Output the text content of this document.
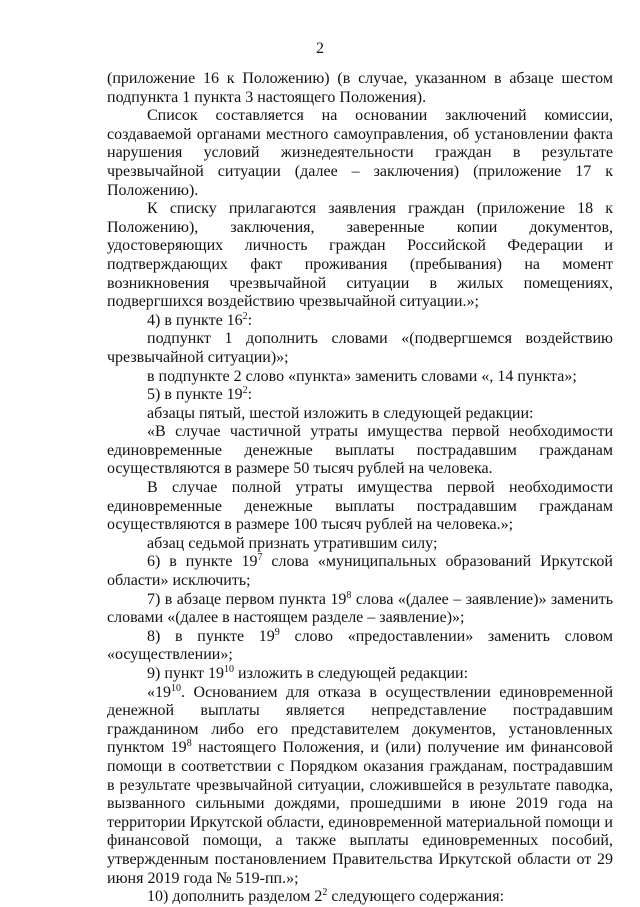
2

(приложение 16 к Положению) (в случае, указанном в абзаце шестом подпункта 1 пункта 3 настоящего Положения).

Список составляется на основании заключений комиссии, создаваемой органами местного самоуправления, об установлении факта нарушения условий жизнедеятельности граждан в результате чрезвычайной ситуации (далее – заключения) (приложение 17 к Положению).

К списку прилагаются заявления граждан (приложение 18 к Положению), заключения, заверенные копии документов, удостоверяющих личность граждан Российской Федерации и подтверждающих факт проживания (пребывания) на момент возникновения чрезвычайной ситуации в жилых помещениях, подвергшихся воздействию чрезвычайной ситуации.»;

4) в пункте $16^2$:

подпункт 1 дополнить словами «(подвергшемся воздействию чрезвычайной ситуации)»;

в подпункте 2 слово «пункта» заменить словами «, 14 пункта»;

5) в пункте $19^2$:

абзацы пятый, шестой изложить в следующей редакции:

«В случае частичной утраты имущества первой необходимости единовременные денежные выплаты пострадавшим гражданам осуществляются в размере 50 тысяч рублей на человека.

В случае полной утраты имущества первой необходимости единовременные денежные выплаты пострадавшим гражданам осуществляются в размере 100 тысяч рублей на человека.»;

абзац седьмой признать утратившим силу;

6) в пункте $19^7$ слова «муниципальных образований Иркутской области» исключить;

7) в абзаце первом пункта $19^8$ слова «(далее – заявление)» заменить словами «(далее в настоящем разделе – заявление)»;

8) в пункте $19^9$ слово «предоставлении» заменить словом «осуществлении»;

9) пункт $19^{10}$ изложить в следующей редакции:

«$19^{10}$. Основанием для отказа в осуществлении единовременной денежной выплаты является непредставление пострадавшим гражданином либо его представителем документов, установленных пунктом $19^8$ настоящего Положения, и (или) получение им финансовой помощи в соответствии с Порядком оказания гражданам, пострадавшим в результате чрезвычайной ситуации, сложившейся в результате паводка, вызванного сильными дождями, прошедшими в июне 2019 года на территории Иркутской области, единовременной материальной помощи и финансовой помощи, а также выплаты единовременных пособий, утвержденным постановлением Правительства Иркутской области от 29 июня 2019 года № 519-пп.»;

10) дополнить разделом $2^2$ следующего содержания:
